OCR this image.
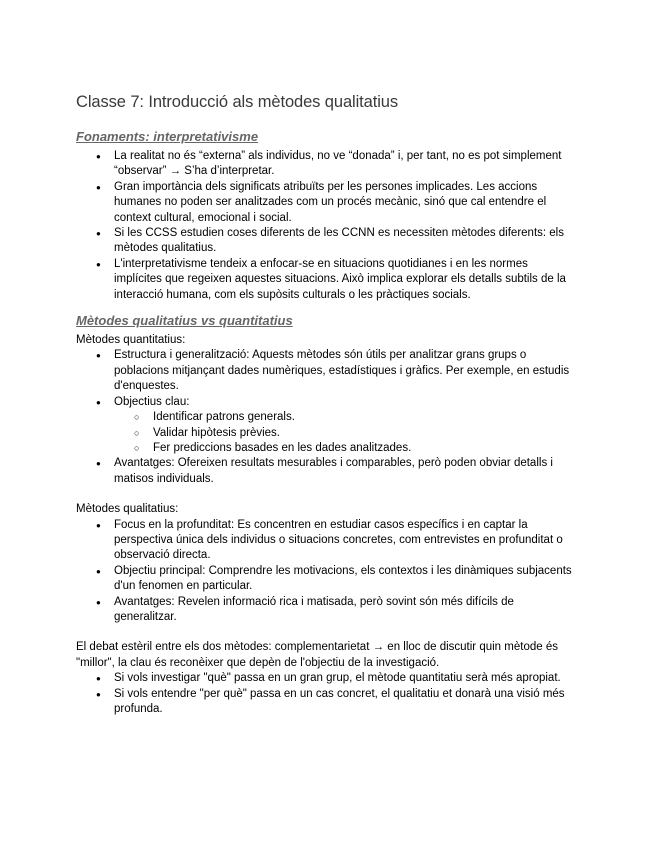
Classe 7: Introducció als mètodes qualitatius
Fonaments: interpretativisme
● La realitat no és “externa” als individus, no ve “donada” i, per tant, no es pot simplement “observar” → S’ha d’interpretar.
● Gran importància dels significats atribuïts per les persones implicades. Les accions humanes no poden ser analitzades com un procés mecànic, sinó que cal entendre el context cultural, emocional i social.
● Si les CCSS estudien coses diferents de les CCNN es necessiten mètodes diferents: els mètodes qualitatius.
● L'interpretativisme tendeix a enfocar-se en situacions quotidianes i en les normes implícites que regeixen aquestes situacions. Això implica explorar els detalls subtils de la interacció humana, com els supòsits culturals o les pràctiques socials.
Mètodes qualitatius vs quantitatius

Mètodes quantitatius:

● Estructura i generalització: Aquests mètodes són útils per analitzar grans grups o poblacions mitjançant dades numèriques, estadístiques i gràfics. Per exemple, en estudis d'enquestes.
● Objectius clau:
○ Identificar patrons generals.
○ Validar hipòtesis prèvies.
○ Fer prediccions basades en les dades analitzades.
● Avantatges: Ofereixen resultats mesurables i comparables, però poden obviar detalls i matisos individuals.

Mètodes qualitatius:

● Focus en la profunditat: Es concentren en estudiar casos específics i en captar la perspectiva única dels individus o situacions concretes, com entrevistes en profunditat o observació directa.
● Objectiu principal: Comprendre les motivacions, els contextos i les dinàmiques subjacents d'un fenomen en particular.
● Avantatges: Revelen informació rica i matisada, però sovint són més difícils de generalitzar.

El debat estèril entre els dos mètodes: complementarietat → en lloc de discutir quin mètode és "millor", la clau és reconèixer que depèn de l'objectiu de la investigació.

● Si vols investigar "què" passa en un gran grup, el mètode quantitatiu serà més apropiat.
● Si vols entendre "per què" passa en un cas concret, el qualitatiu et donarà una visió més profunda.
